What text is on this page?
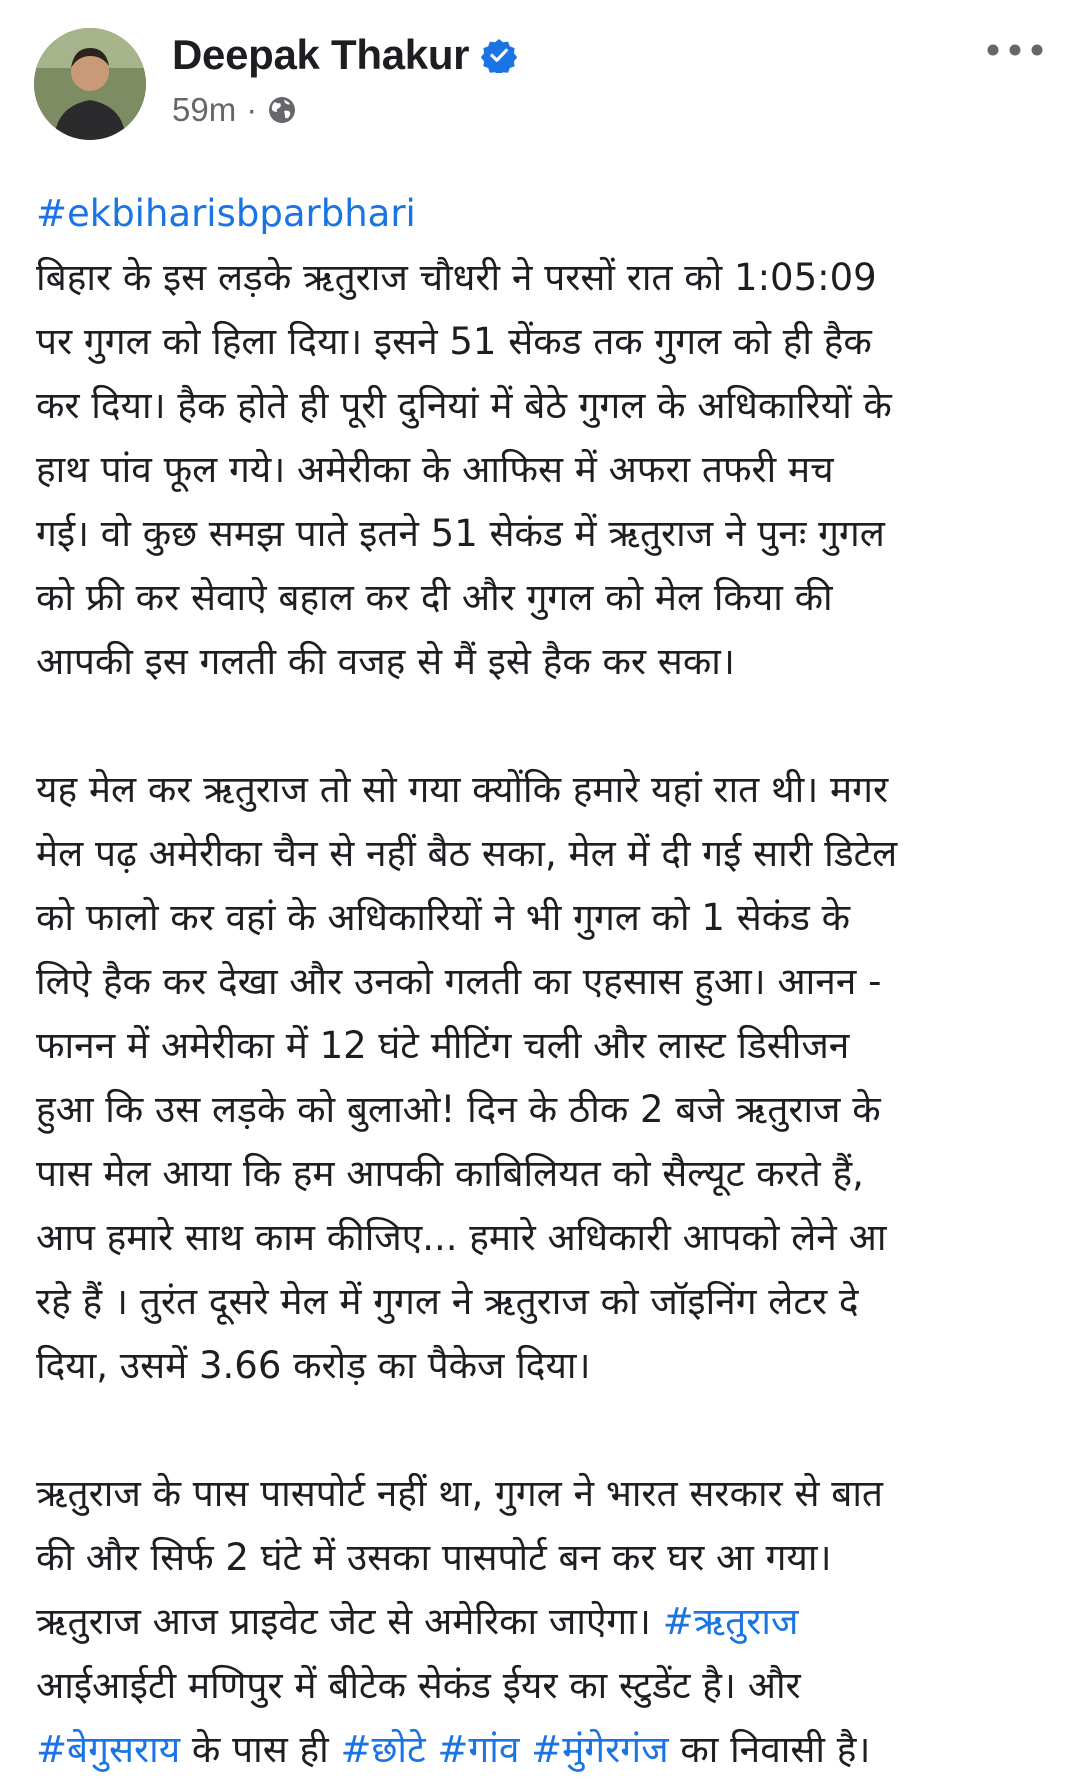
Deepak Thakur
59m ·

#ekbiharisbparbhari
बिहार के इस लड़के ऋतुराज चौधरी ने परसों रात को 1:05:09
पर गुगल को हिला दिया। इसने 51 सेंकड तक गुगल को ही हैक
कर दिया। हैक होते ही पूरी दुनियां में बेठे गुगल के अधिकारियों के
हाथ पांव फूल गये। अमेरीका के आफिस में अफरा तफरी मच
गई। वो कुछ समझ पाते इतने 51 सेकंड में ऋतुराज ने पुनः गुगल
को फ्री कर सेवाऐ बहाल कर दी और गुगल को मेल किया की
आपकी इस गलती की वजह से मैं इसे हैक कर सका।

यह मेल कर ऋतुराज तो सो गया क्योंकि हमारे यहां रात थी। मगर
मेल पढ़ अमेरीका चैन से नहीं बैठ सका, मेल में दी गई सारी डिटेल
को फालो कर वहां के अधिकारियों ने भी गुगल को 1 सेकंड के
लिऐ हैक कर देखा और उनको गलती का एहसास हुआ। आनन -
फानन में अमेरीका में 12 घंटे मीटिंग चली और लास्ट डिसीजन
हुआ कि उस लड़के को बुलाओ! दिन के ठीक 2 बजे ऋतुराज के
पास मेल आया कि हम आपकी काबिलियत को सैल्यूट करते हैं,
आप हमारे साथ काम कीजिए... हमारे अधिकारी आपको लेने आ
रहे हैं । तुरंत दूसरे मेल में गुगल ने ऋतुराज को जॉइनिंग लेटर दे
दिया, उसमें 3.66 करोड़ का पैकेज दिया।

ऋतुराज के पास पासपोर्ट नहीं था, गुगल ने भारत सरकार से बात
की और सिर्फ 2 घंटे में उसका पासपोर्ट बन कर घर आ गया।
ऋतुराज आज प्राइवेट जेट से अमेरिका जाऐगा। #ऋतुराज
आईआईटी मणिपुर में बीटेक सेकंड ईयर का स्टुडेंट है। और
#बेगुसराय के पास ही #छोटे #गांव #मुंगेरगंज का निवासी है।
